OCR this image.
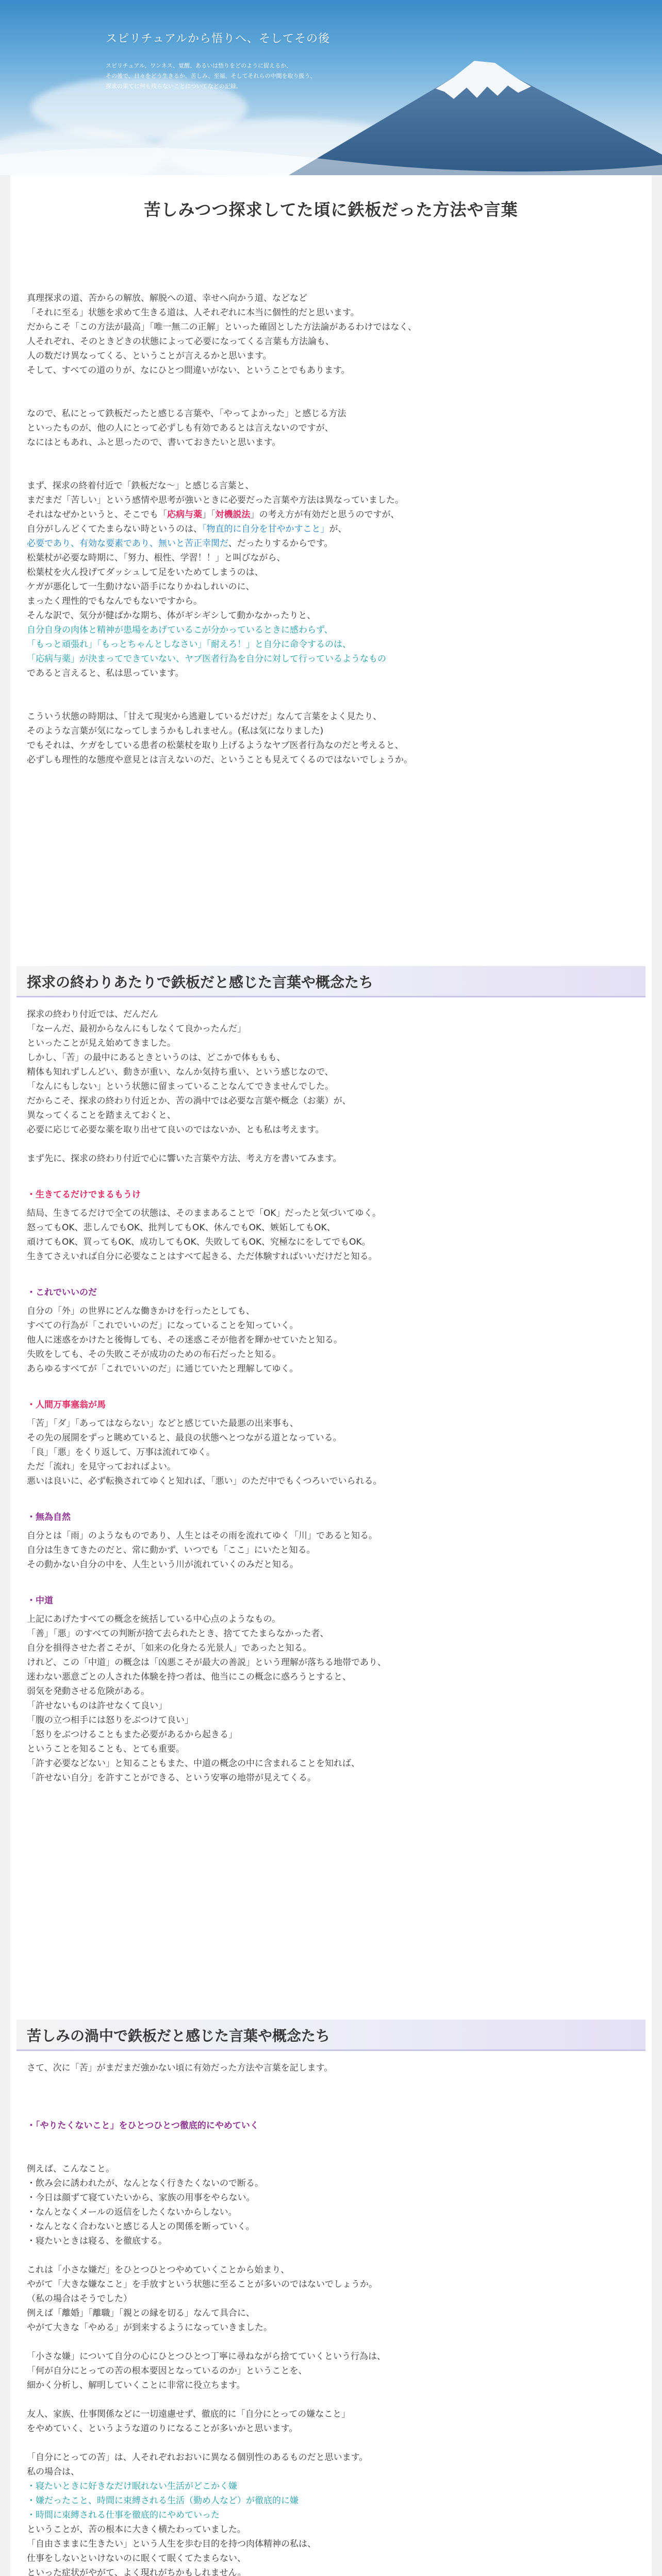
スピリチュアルから悟りへ、そしてその後
スピリチュアル、ワンネス、覚醒、あるいは悟りをどのように捉えるか、
その後で、日々をどう生きるか、苦しみ、至福、そしてそれらの中間を取り扱う、
探求の果てに何も残らないことについてなどの記録。
苦しみつつ探求してた頃に鉄板だった方法や言葉
真理探求の道、苦からの解放、解脱への道、幸せへ向かう道、などなど
「それに至る」状態を求めて生きる道は、人それぞれに本当に個性的だと思います。
だからこそ「この方法が最高」「唯一無二の正解」といった確固とした方法論があるわけではなく、
人それぞれ、そのときどきの状態によって必要になってくる言葉も方法論も、
人の数だけ異なってくる、ということが言えるかと思います。
そして、すべての道のりが、なにひとつ間違いがない、ということでもあります。
なので、私にとって鉄板だったと感じる言葉や、「やってよかった」と感じる方法
といったものが、他の人にとって必ずしも有効であるとは言えないのですが、
なにはともあれ、ふと思ったので、書いておきたいと思います。
まず、探求の終着付近で「鉄板だな～」と感じる言葉と、
まだまだ「苦しい」という感情や思考が強いときに必要だった言葉や方法は異なっていました。
それはなぜかというと、そこでも「応病与薬」「対機説法」の考え方が有効だと思うのですが、
自分がしんどくてたまらない時というのは、「物直的に自分を甘やかすこと」が、
必要であり、有効な要素であり、無いと苦正幸関だ、だったりするからです。
松葉杖が必要な時期に、「努力、根性、学習！！」と叫びながら、
松葉杖を火ん投げてダッシュして足をいためてしまうのは、
ケガが悪化して一生動けない語手になりかねしれいのに、
まったく理性的でもなんでもないですから。
そんな訳で、気分が健ばかな期ち、体がギシギシして動かなかったりと、
自分自身の肉体と精神が患場をあげているこが分かっているときに感わらず、
「もっと頑張れ」「もっとちゃんとしなさい」「耐えろ！」と自分に命令するのは、
「応病与薬」が決まってできていない、ヤブ医者行為を自分に対して行っているようなもの
であると言えると、私は思っています。
こういう状態の時期は、「甘えて現実から逃避しているだけだ」なんて言葉をよく見たり、
そのような言葉が気になってしまうかもしれません。(私は気になりました)
でもそれは、ケガをしている患者の松葉杖を取り上げるようなヤブ医者行為なのだと考えると、
必ずしも理性的な態度や意見とは言えないのだ、ということも見えてくるのではないでしょうか。
探求の終わりあたりで鉄板だと感じた言葉や概念たち
探求の終わり付近では、だんだん
「なーんだ、最初からなんにもしなくて良かったんだ」
といったことが見え始めてきました。
しかし、「苦」の最中にあるときというのは、どこかで体ももも、
精体も知れずしんどい、動きが重い、なんか気持ち重い、という感じなので、
「なんにもしない」という状態に留まっていることなんてできませんでした。
だからこそ、探求の終わり付近とか、苦の渦中では必要な言葉や概念（お薬）が、
異なってくることを踏まえておくと、
必要に応じて必要な薬を取り出せて良いのではないか、とも私は考えます。
まず先に、探求の終わり付近で心に響いた言葉や方法、考え方を書いてみます。
・生きてるだけでまるもうけ
結局、生きてるだけで全ての状態は、そのままあることで「OK」だったと気づいてゆく。
怒ってもOK、悲しんでもOK、批判してもOK、休んでもOK、嫉妬してもOK、
頑けてもOK、買ってもOK、成功してもOK、失敗してもOK、究極なにをしてでもOK。
生きてさえいれば自分に必要なことはすべて起きる、ただ体験すればいいだけだと知る。
・これでいいのだ
自分の「外」の世界にどんな働きかけを行ったとしても、
すべての行為が「これでいいのだ」になっていることを知っていく。
他人に迷惑をかけたと後悔しても、その迷惑こそが他者を輝かせていたと知る。
失敗をしても、その失敗こそが成功のための布石だったと知る。
あらゆるすべてが「これでいいのだ」に通じていたと理解してゆく。
・人間万事塞翁が馬
「苦」「ダ」「あってはならない」などと感じていた最悪の出来事も、
その先の展開をずっと眺めていると、最良の状態へとつながる道となっている。
「良」「悪」をくり返して、万事は流れてゆく。
ただ「流れ」を見守っておればよい。
悪いは良いに、必ず転換されてゆくと知れば、「悪い」のただ中でもくつろいでいられる。
・無為自然
自分とは「雨」のようなものであり、人生とはその雨を流れてゆく「川」であると知る。
自分は生きてきたのだと、常に動かず、いつでも「ここ」にいたと知る。
その動かない自分の中を、人生という川が流れていくのみだと知る。
・中道
上記にあげたすべての概念を統括している中心点のようなもの。
「善」「悪」のすべての判断が捨て去られたとき、捨ててたまらなかった者、
自分を損得させた者こそが、「如来の化身たる光景人」であったと知る。
けれど、この「中道」の概念は「凶悪こそが最大の善説」という理解が落ちる地帯であり、
迷わない悪意ごとの人された体験を持つ者は、他当にこの概念に惑ろうとすると、
弱気を発動させる危険がある。
「許せないものは許せなくて良い」
「腹の立つ相手には怒りをぶつけて良い」
「怒りをぶつけることもまた必要があるから起きる」
ということを知ることも、とても重要。
「許す必要などない」と知ることもまた、中道の概念の中に含まれることを知れば、
「許せない自分」を許すことができる、という安寧の地帯が見えてくる。
苦しみの渦中で鉄板だと感じた言葉や概念たち
さて、次に「苦」がまだまだ強かない頃に有効だった方法や言葉を記します。
・「やりたくないこと」をひとつひとつ徹底的にやめていく
例えば、こんなこと。
・飲み会に誘われたが、なんとなく行きたくないので断る。
・今日は顔ずて寝ていたいから、家族の用事をやらない。
・なんとなくメールの返信をしたくないからしない。
・なんとなく合わないと感じる人との関係を断っていく。
・寝たいときは寝る、を徹底する。
これは「小さな嫌だ」をひとつひとつやめていくことから始まり、
やがて「大きな嫌なこと」を手放すという状態に至ることが多いのではないでしょうか。
（私の場合はそうでした）
例えば「離婚」「離職」「親との縁を切る」なんて具合に、
やがて大きな「やめる」が到来するようになっていきました。
「小さな嫌」について自分の心にひとつひとつ丁寧に尋ねながら捨てていくという行為は、
「何が自分にとっての苦の根本要因となっているのか」ということを、
細かく分析し、解明していくことに非常に役立ちます。
友人、家族、仕事関係などに一切遠慮せず、徹底的に「自分にとっての嫌なこと」
をやめていく、というような道のりになることが多いかと思います。
「自分にとっての苦」は、人それぞれおおいに異なる個別性のあるものだと思います。
私の場合は、
・寝たいときに好きなだけ眠れない生活がどこかく嫌
・嫌だったこと、時間に束縛される生活（勤め人など）が徹底的に嫌
・時間に束縛される仕事を徹底的にやめていった
ということが、苦の根本に大きく横たわっていました。
「自由さままに生きたい」という人生を歩む目的を持つ肉体精神の私は、
仕事をしないといけないのに眠くて眠くてたまらない、
といった症状がやがて、よく現れがちかもしれません。
